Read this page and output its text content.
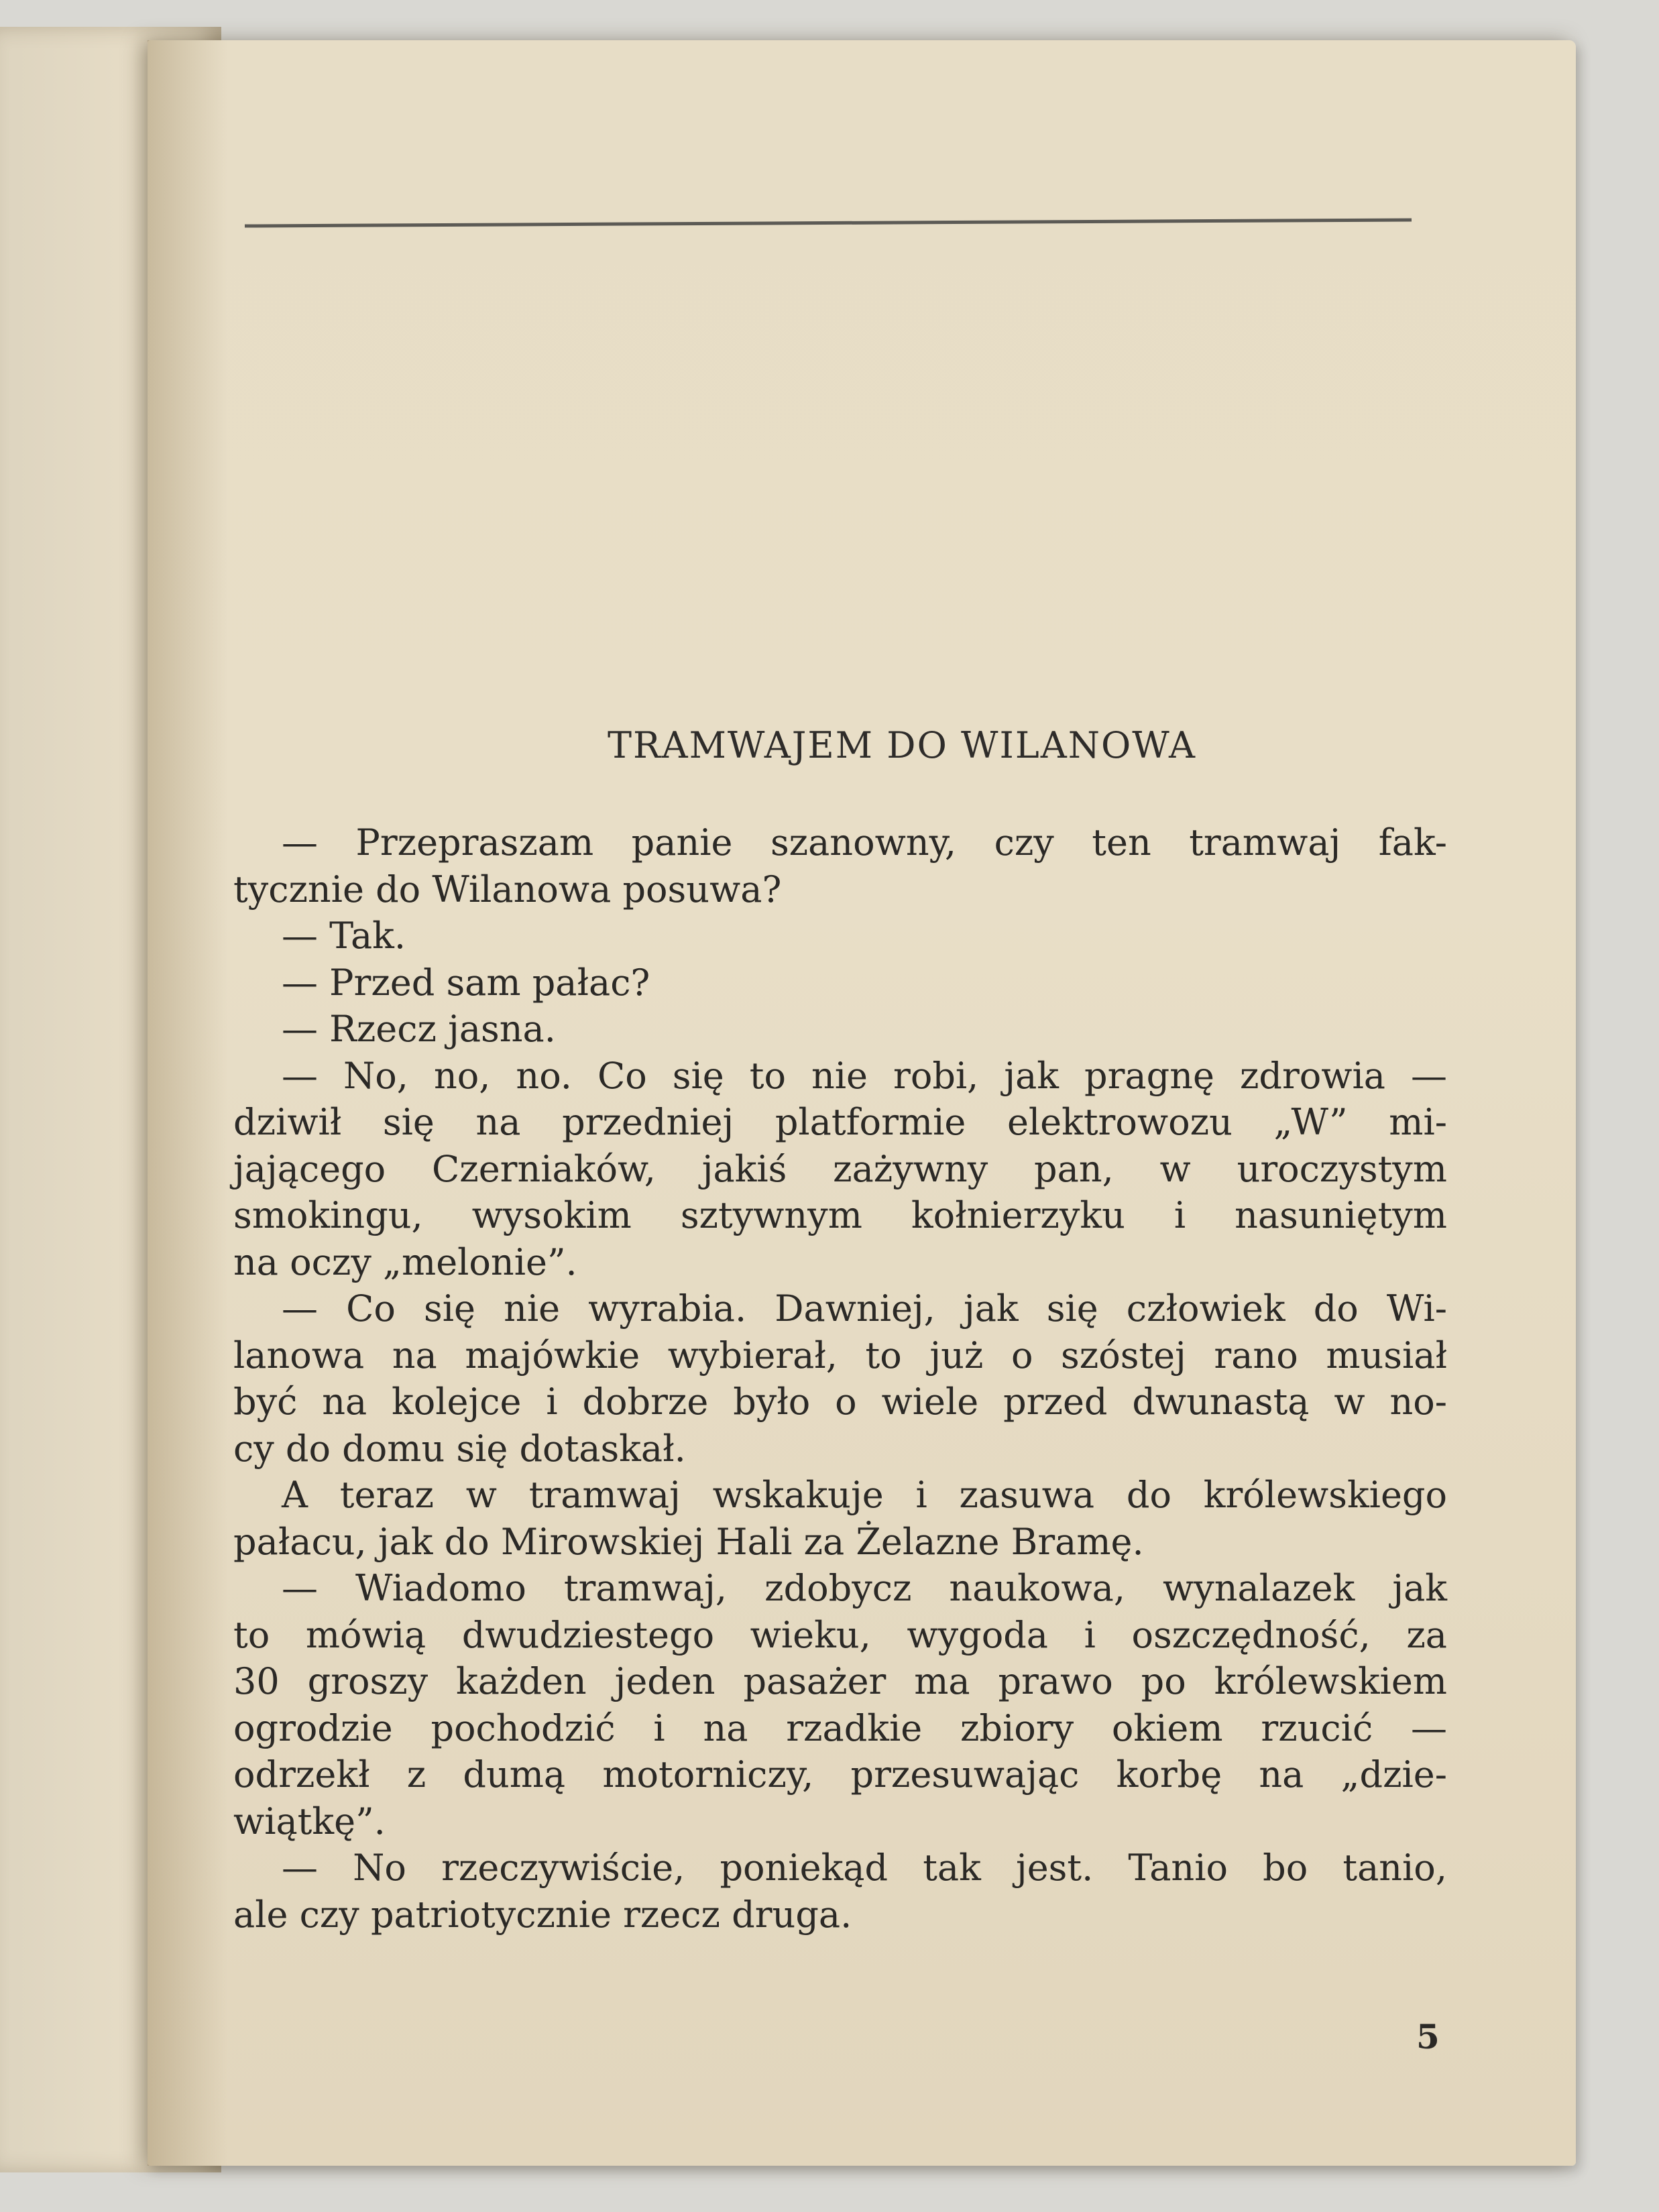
TRAMWAJEM DO WILANOWA
— Przepraszam panie szanowny, czy ten tramwaj fak-
tycznie do Wilanowa posuwa?
— Tak.
— Przed sam pałac?
— Rzecz jasna.
— No, no, no. Co się to nie robi, jak pragnę zdrowia —
dziwił się na przedniej platformie elektrowozu „W” mi-
jającego Czerniaków, jakiś zażywny pan, w uroczystym
smokingu, wysokim sztywnym kołnierzyku i nasuniętym
na oczy „melonie”.
— Co się nie wyrabia. Dawniej, jak się człowiek do Wi-
lanowa na majówkie wybierał, to już o szóstej rano musiał
być na kolejce i dobrze było o wiele przed dwunastą w no-
cy do domu się dotaskał.
A teraz w tramwaj wskakuje i zasuwa do królewskiego
pałacu, jak do Mirowskiej Hali za Żelazne Bramę.
— Wiadomo tramwaj, zdobycz naukowa, wynalazek jak
to mówią dwudziestego wieku, wygoda i oszczędność, za
30 groszy każden jeden pasażer ma prawo po królewskiem
ogrodzie pochodzić i na rzadkie zbiory okiem rzucić —
odrzekł z dumą motorniczy, przesuwając korbę na „dzie-
wiątkę”.
— No rzeczywiście, poniekąd tak jest. Tanio bo tanio,
ale czy patriotycznie rzecz druga.
5
